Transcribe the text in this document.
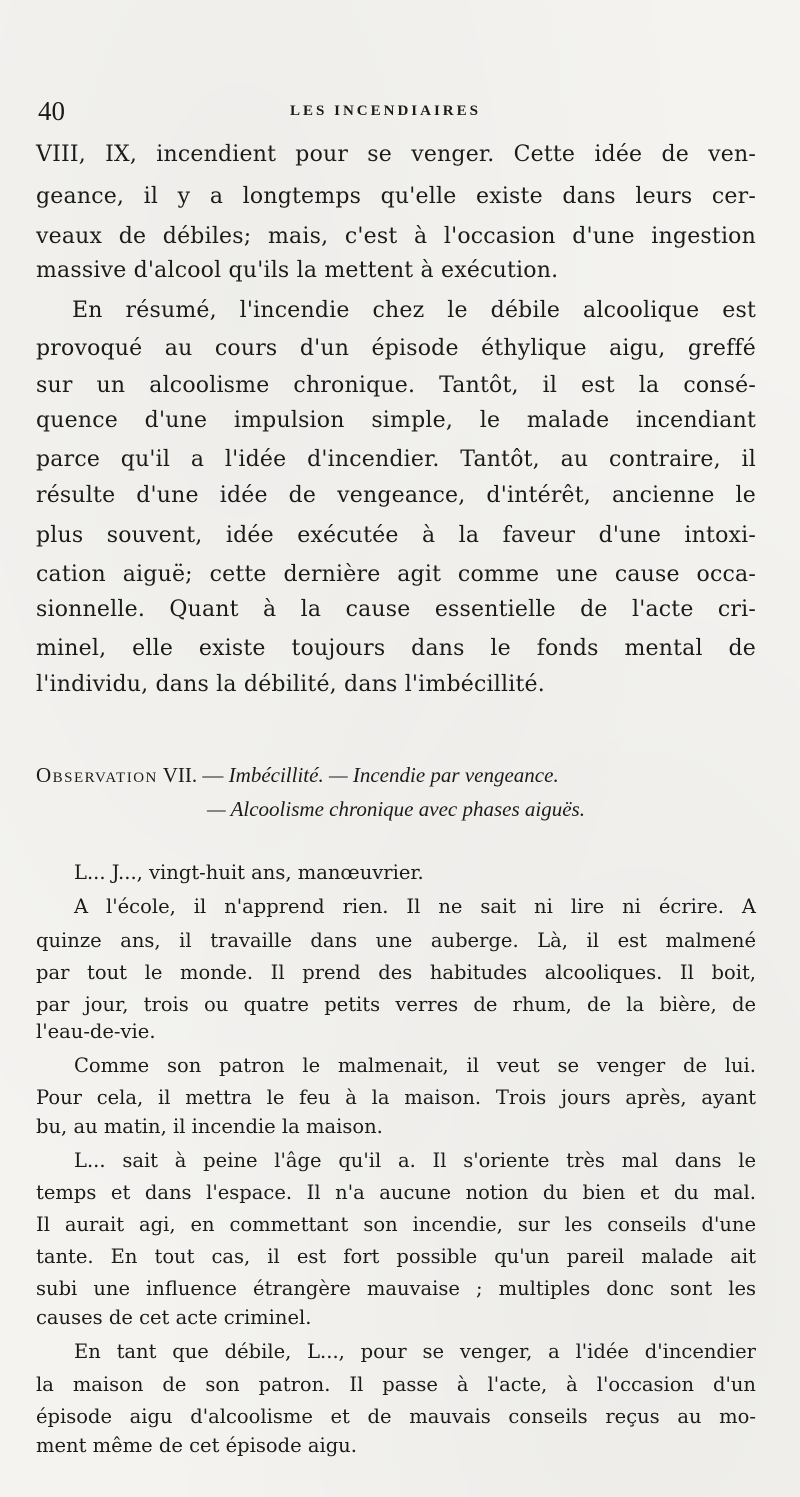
40	LES INCENDIAIRES
VIII, IX, incendient pour se venger. Cette idée de ven-
geance, il y a longtemps qu'elle existe dans leurs cer-
veaux de débiles; mais, c'est à l'occasion d'une ingestion
massive d'alcool qu'ils la mettent à exécution.
En résumé, l'incendie chez le débile alcoolique est
provoqué au cours d'un épisode éthylique aigu, greffé
sur un alcoolisme chronique. Tantôt, il est la consé-
quence d'une impulsion simple, le malade incendiant
parce qu'il a l'idée d'incendier. Tantôt, au contraire, il
résulte d'une idée de vengeance, d'intérêt, ancienne le
plus souvent, idée exécutée à la faveur d'une intoxi-
cation aiguë; cette dernière agit comme une cause occa-
sionnelle. Quant à la cause essentielle de l'acte cri-
minel, elle existe toujours dans le fonds mental de
l'individu, dans la débilité, dans l'imbécillité.
Observation VII. — Imbécillité. — Incendie par vengeance.
— Alcoolisme chronique avec phases aiguës.
L... J..., vingt-huit ans, manœuvrier.
A l'école, il n'apprend rien. Il ne sait ni lire ni écrire. A
quinze ans, il travaille dans une auberge. Là, il est malmené
par tout le monde. Il prend des habitudes alcooliques. Il boit,
par jour, trois ou quatre petits verres de rhum, de la bière, de
l'eau-de-vie.
Comme son patron le malmenait, il veut se venger de lui.
Pour cela, il mettra le feu à la maison. Trois jours après, ayant
bu, au matin, il incendie la maison.
L... sait à peine l'âge qu'il a. Il s'oriente très mal dans le
temps et dans l'espace. Il n'a aucune notion du bien et du mal.
Il aurait agi, en commettant son incendie, sur les conseils d'une
tante. En tout cas, il est fort possible qu'un pareil malade ait
subi une influence étrangère mauvaise ; multiples donc sont les
causes de cet acte criminel.
En tant que débile, L..., pour se venger, a l'idée d'incendier
la maison de son patron. Il passe à l'acte, à l'occasion d'un
épisode aigu d'alcoolisme et de mauvais conseils reçus au mo-
ment même de cet épisode aigu.
